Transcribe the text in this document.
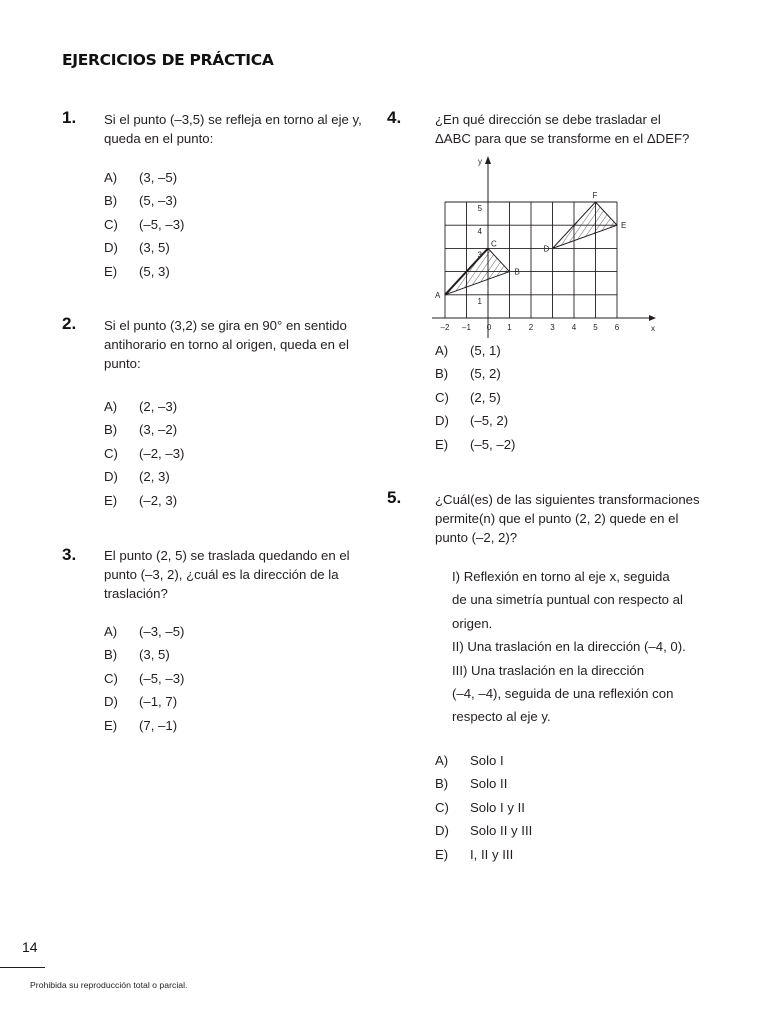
EJERCICIOS DE PRÁCTICA
1. Si el punto (–3,5) se refleja en torno al eje y,
queda en el punto:
A) (3, –5)
B) (5, –3)
C) (–5, –3)
D) (3, 5)
E) (5, 3)
2. Si el punto (3,2) se gira en 90° en sentido
antihorario en torno al origen, queda en el
punto:
A) (2, –3)
B) (3, –2)
C) (–2, –3)
D) (2, 3)
E) (–2, 3)
3. El punto (2, 5) se traslada quedando en el
punto (–3, 2), ¿cuál es la dirección de la
traslación?
A) (–3, –5)
B) (3, 5)
C) (–5, –3)
D) (–1, 7)
E) (7, –1)
4.	¿En qué dirección se debe trasladar el
ΔABC para que se transforme en el ΔDEF?
–2 –1 0 1 2 3 4 5 6
1
3
4
5
A
B
C
D
E
F
x
y
A) (5, 1)
B) (5, 2)
C) (2, 5)
D) (–5, 2)
E) (–5, –2)
5.	¿Cuál(es) de las siguientes transformaciones
permite(n) que el punto (2, 2) quede en el
punto (–2, 2)?
I) Reflexión en torno al eje x, seguida
de una simetría puntual con respecto al
origen.
II) Una traslación en la dirección (–4, 0).
III) Una traslación en la dirección
(–4, –4), seguida de una reflexión con
respecto al eje y.
A) Solo I
B) Solo II
C) Solo I y II
D) Solo II y III
E) I, II y III
14
Prohibida su reproducción total o parcial.
